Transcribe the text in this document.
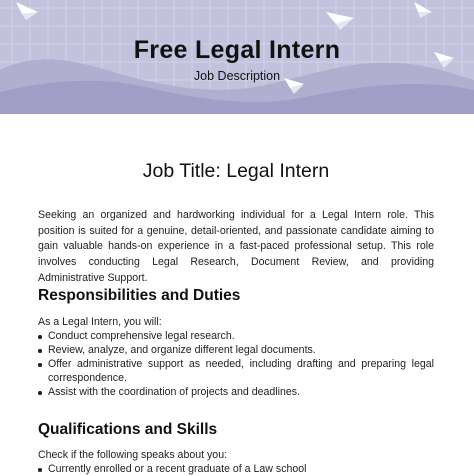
Free Legal Intern
Job Description
Job Title: Legal Intern

Seeking an organized and hardworking individual for a Legal Intern role. This position is suited for a genuine, detail-oriented, and passionate candidate aiming to gain valuable hands-on experience in a fast-paced professional setup. This role involves conducting Legal Research, Document Review, and providing Administrative Support.

Responsibilities and Duties

As a Legal Intern, you will:

Conduct comprehensive legal research.
Review, analyze, and organize different legal documents.
Offer administrative support as needed, including drafting and preparing legal correspondence.
Assist with the coordination of projects and deadlines.
Qualifications and Skills

Check if the following speaks about you:

Currently enrolled or a recent graduate of a Law school
